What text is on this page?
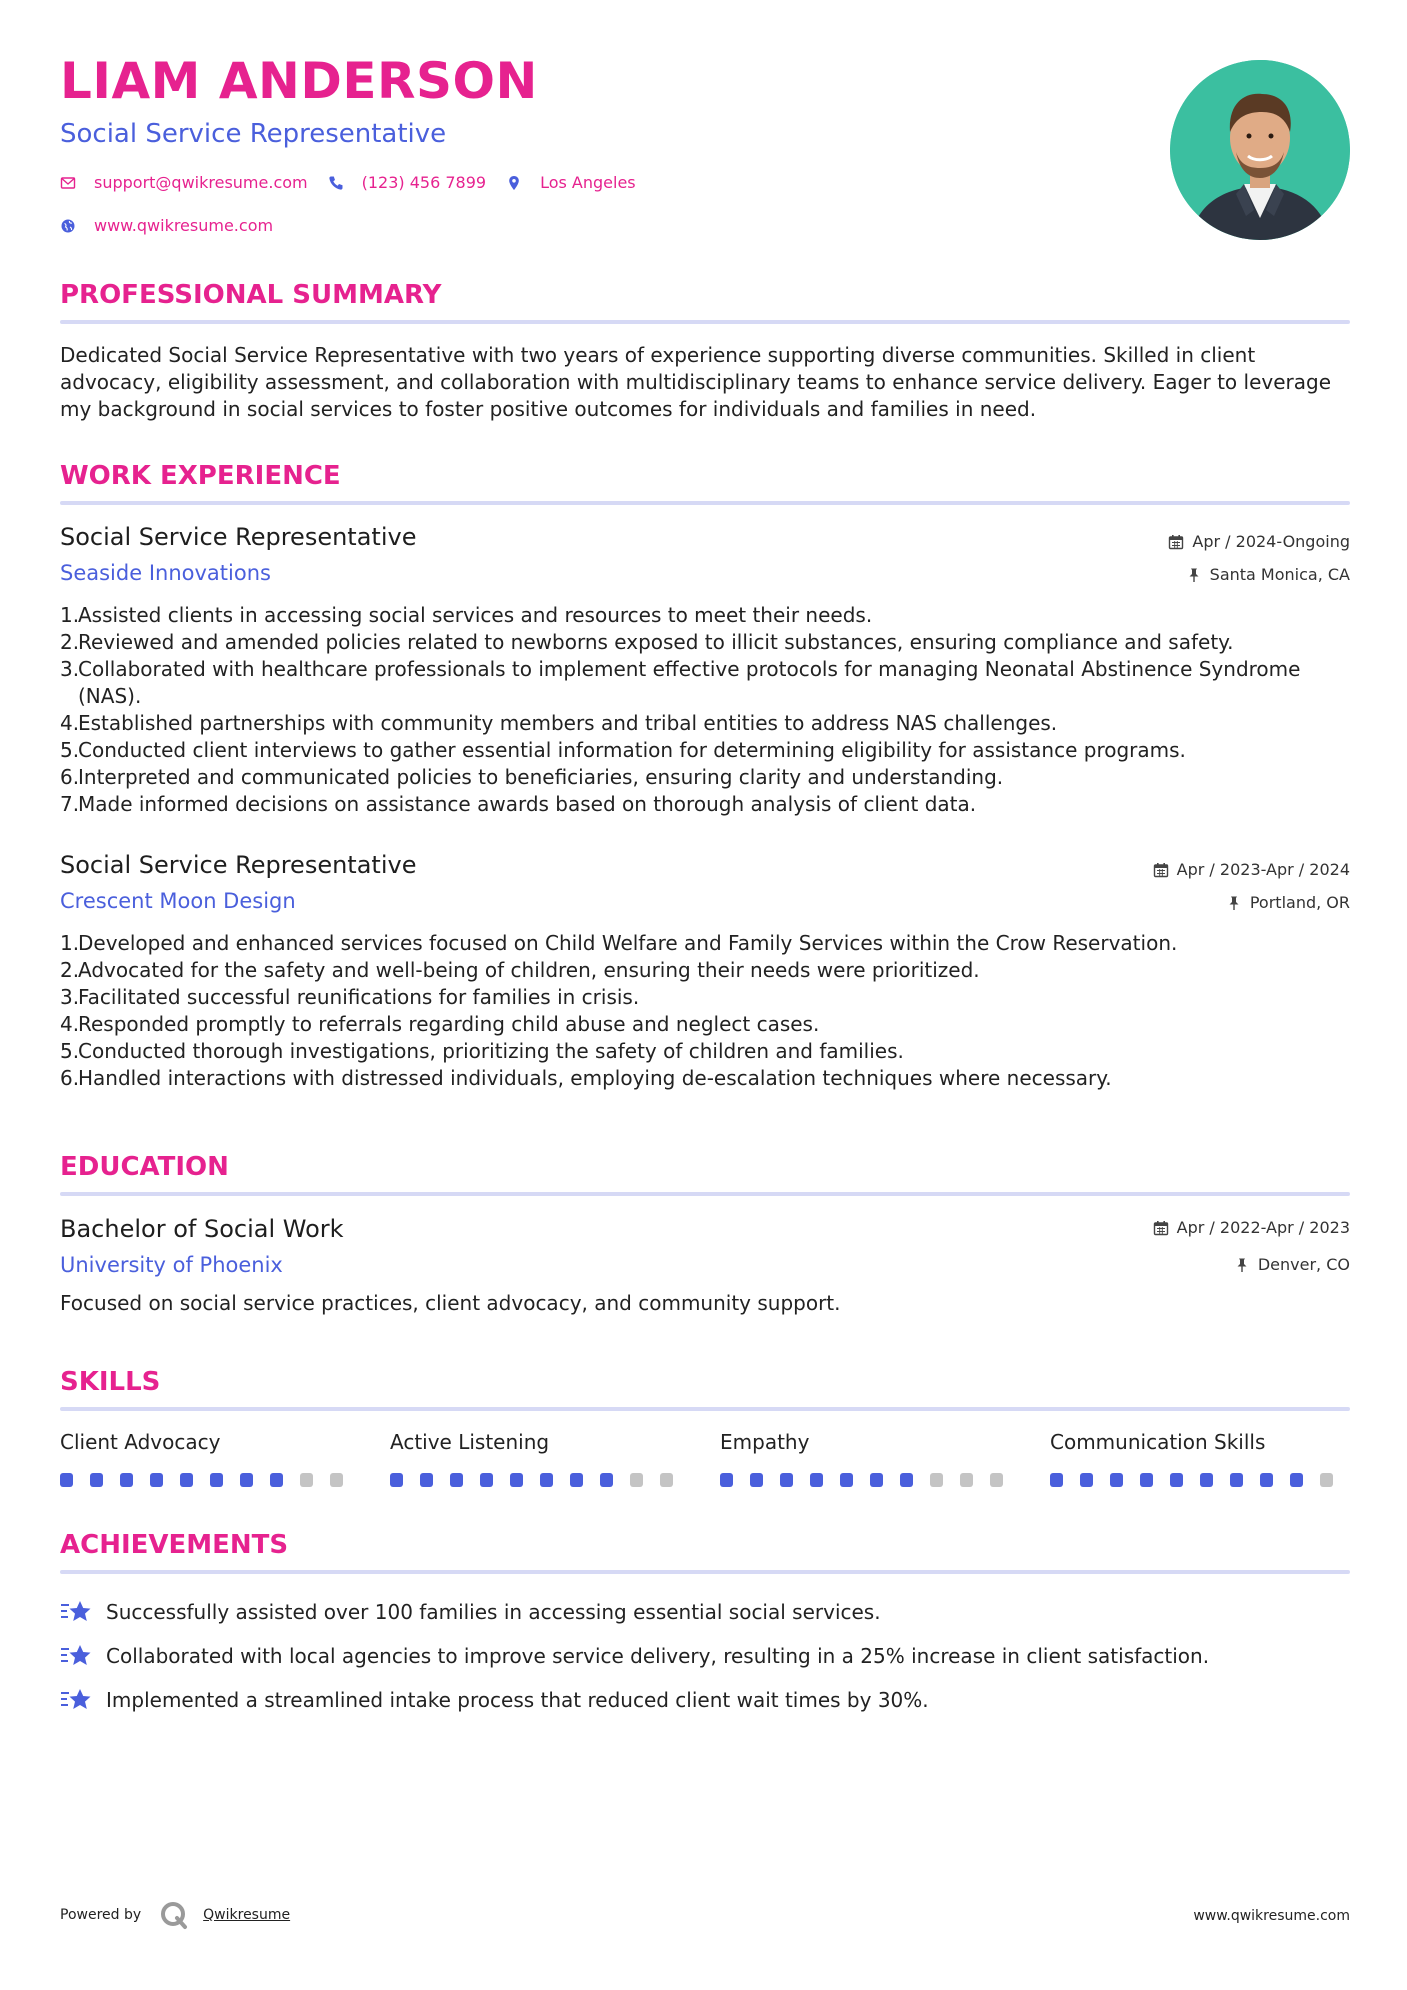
LIAM ANDERSON
Social Service Representative
support@qwikresume.com	(123) 456 7899	Los Angeles
www.qwikresume.com
PROFESSIONAL SUMMARY

Dedicated Social Service Representative with two years of experience supporting diverse communities. Skilled in client advocacy, eligibility assessment, and collaboration with multidisciplinary teams to enhance service delivery. Eager to leverage my background in social services to foster positive outcomes for individuals and families in need.

WORK EXPERIENCE
Social Service Representative
Seaside Innovations
Apr / 2024-Ongoing
Santa Monica, CA
1.
Assisted clients in accessing social services and resources to meet their needs.
2.
Reviewed and amended policies related to newborns exposed to illicit substances, ensuring compliance and safety.
3.
Collaborated with healthcare professionals to implement effective protocols for managing Neonatal Abstinence Syndrome (NAS).
4.
Established partnerships with community members and tribal entities to address NAS challenges.
5.
Conducted client interviews to gather essential information for determining eligibility for assistance programs.
6.
Interpreted and communicated policies to beneficiaries, ensuring clarity and understanding.
7.
Made informed decisions on assistance awards based on thorough analysis of client data.
Social Service Representative
Crescent Moon Design
Apr / 2023-Apr / 2024
Portland, OR
1.
Developed and enhanced services focused on Child Welfare and Family Services within the Crow Reservation.
2.
Advocated for the safety and well-being of children, ensuring their needs were prioritized.
3.
Facilitated successful reunifications for families in crisis.
4.
Responded promptly to referrals regarding child abuse and neglect cases.
5.
Conducted thorough investigations, prioritizing the safety of children and families.
6.
Handled interactions with distressed individuals, employing de-escalation techniques where necessary.
EDUCATION
Bachelor of Social Work
University of Phoenix
Apr / 2022-Apr / 2023
Denver, CO
Focused on social service practices, client advocacy, and community support.
SKILLS
Client Advocacy	Active Listening	Empathy	Communication Skills
ACHIEVEMENTS
Successfully assisted over 100 families in accessing essential social services.
Collaborated with local agencies to improve service delivery, resulting in a 25% increase in client satisfaction.
Implemented a streamlined intake process that reduced client wait times by 30%.
Powered by	Qwikresume	www.qwikresume.com
